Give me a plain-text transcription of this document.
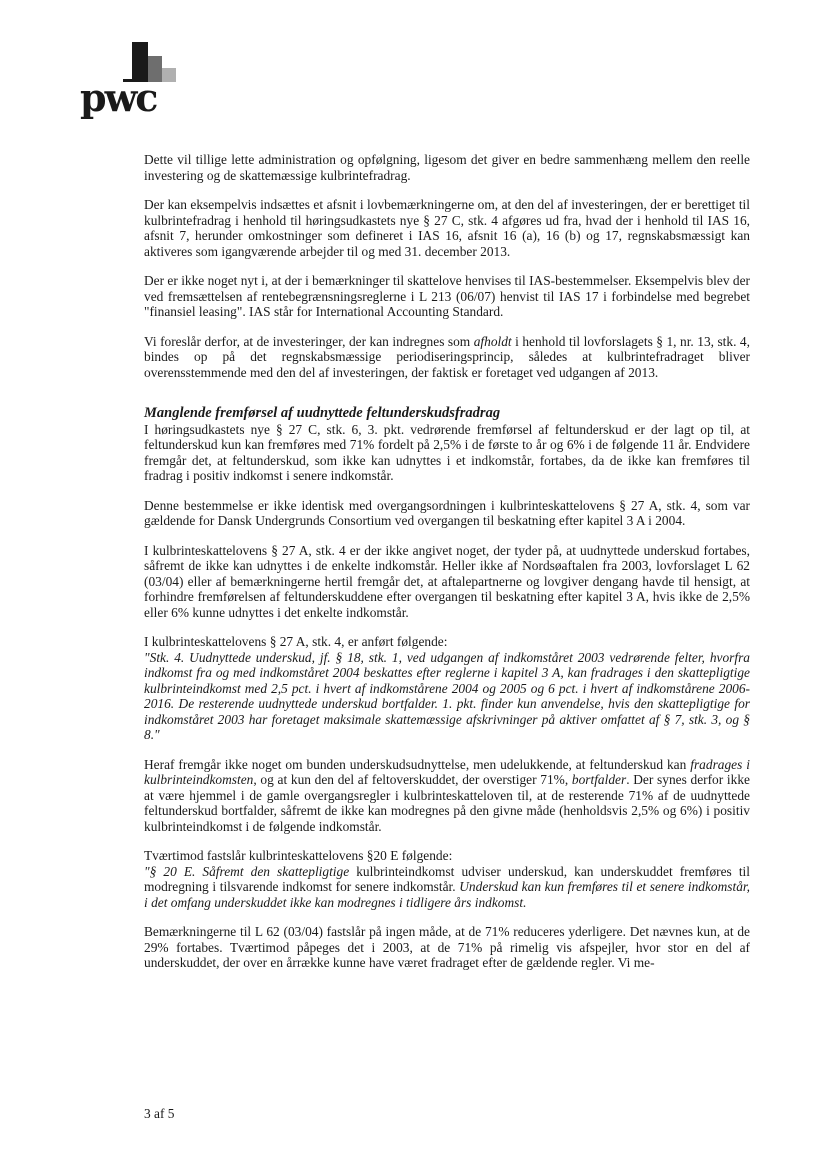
pwc

Dette vil tillige lette administration og opfølgning, ligesom det giver en bedre sammenhæng mellem den reelle investering og de skattemæssige kulbrintefradrag.

Der kan eksempelvis indsættes et afsnit i lovbemærkningerne om, at den del af investeringen, der er berettiget til kulbrintefradrag i henhold til høringsudkastets nye § 27 C, stk. 4 afgøres ud fra, hvad der i henhold til IAS 16, afsnit 7, herunder omkostninger som defineret i IAS 16, afsnit 16 (a), 16 (b) og 17, regnskabsmæssigt kan aktiveres som igangværende arbejder til og med 31. december 2013.

Der er ikke noget nyt i, at der i bemærkninger til skattelove henvises til IAS-bestemmelser. Eksempelvis blev der ved fremsættelsen af rentebegrænsningsreglerne i L 213 (06/07) henvist til IAS 17 i forbindelse med begrebet "finansiel leasing". IAS står for International Accounting Standard.

Vi foreslår derfor, at de investeringer, der kan indregnes som afholdt i henhold til lovforslagets § 1, nr. 13, stk. 4, bindes op på det regnskabsmæssige periodiseringsprincip, således at kulbrintefradraget bliver overensstemmende med den del af investeringen, der faktisk er foretaget ved udgangen af 2013.

Manglende fremførsel af uudnyttede feltunderskudsfradrag

I høringsudkastets nye § 27 C, stk. 6, 3. pkt. vedrørende fremførsel af feltunderskud er der lagt op til, at feltunderskud kun kan fremføres med 71% fordelt på 2,5% i de første to år og 6% i de følgende 11 år. Endvidere fremgår det, at feltunderskud, som ikke kan udnyttes i et indkomstår, fortabes, da de ikke kan fremføres til fradrag i positiv indkomst i senere indkomstår.

Denne bestemmelse er ikke identisk med overgangsordningen i kulbrinteskattelovens § 27 A, stk. 4, som var gældende for Dansk Undergrunds Consortium ved overgangen til beskatning efter kapitel 3 A i 2004.

I kulbrinteskattelovens § 27 A, stk. 4 er der ikke angivet noget, der tyder på, at uudnyttede underskud fortabes, såfremt de ikke kan udnyttes i de enkelte indkomstår. Heller ikke af Nordsøaftalen fra 2003, lovforslaget L 62 (03/04) eller af bemærkningerne hertil fremgår det, at aftalepartnerne og lovgiver dengang havde til hensigt, at forhindre fremførelsen af feltunderskuddene efter overgangen til beskatning efter kapitel 3 A, hvis ikke de 2,5% eller 6% kunne udnyttes i det enkelte indkomstår.

I kulbrinteskattelovens § 27 A, stk. 4, er anført følgende:
"Stk. 4. Uudnyttede underskud, jf. § 18, stk. 1, ved udgangen af indkomståret 2003 vedrørende felter, hvorfra indkomst fra og med indkomståret 2004 beskattes efter reglerne i kapitel 3 A, kan fradrages i den skattepligtige kulbrinteindkomst med 2,5 pct. i hvert af indkomstårene 2004 og 2005 og 6 pct. i hvert af indkomstårene 2006-2016. De resterende uudnyttede underskud bortfalder. 1. pkt. finder kun anvendelse, hvis den skattepligtige for indkomståret 2003 har foretaget maksimale skattemæssige afskrivninger på aktiver omfattet af § 7, stk. 3, og § 8."

Heraf fremgår ikke noget om bunden underskudsudnyttelse, men udelukkende, at feltunderskud kan fradrages i kulbrinteindkomsten, og at kun den del af feltoverskuddet, der overstiger 71%, bortfalder. Der synes derfor ikke at være hjemmel i de gamle overgangsregler i kulbrinteskatteloven til, at de resterende 71% af de uudnyttede feltunderskud bortfalder, såfremt de ikke kan modregnes på den givne måde (henholdsvis 2,5% og 6%) i positiv kulbrinteindkomst i de følgende indkomstår.

Tværtimod fastslår kulbrinteskattelovens §20 E følgende:
"§ 20 E. Såfremt den skattepligtige kulbrinteindkomst udviser underskud, kan underskuddet fremføres til modregning i tilsvarende indkomst for senere indkomstår. Underskud kan kun fremføres til et senere indkomstår, i det omfang underskuddet ikke kan modregnes i tidligere års indkomst.

Bemærkningerne til L 62 (03/04) fastslår på ingen måde, at de 71% reduceres yderligere. Det nævnes kun, at de 29% fortabes. Tværtimod påpeges det i 2003, at de 71% på rimelig vis afspejler, hvor stor en del af underskuddet, der over en årrække kunne have været fradraget efter de gældende regler. Vi me-

3 af 5
